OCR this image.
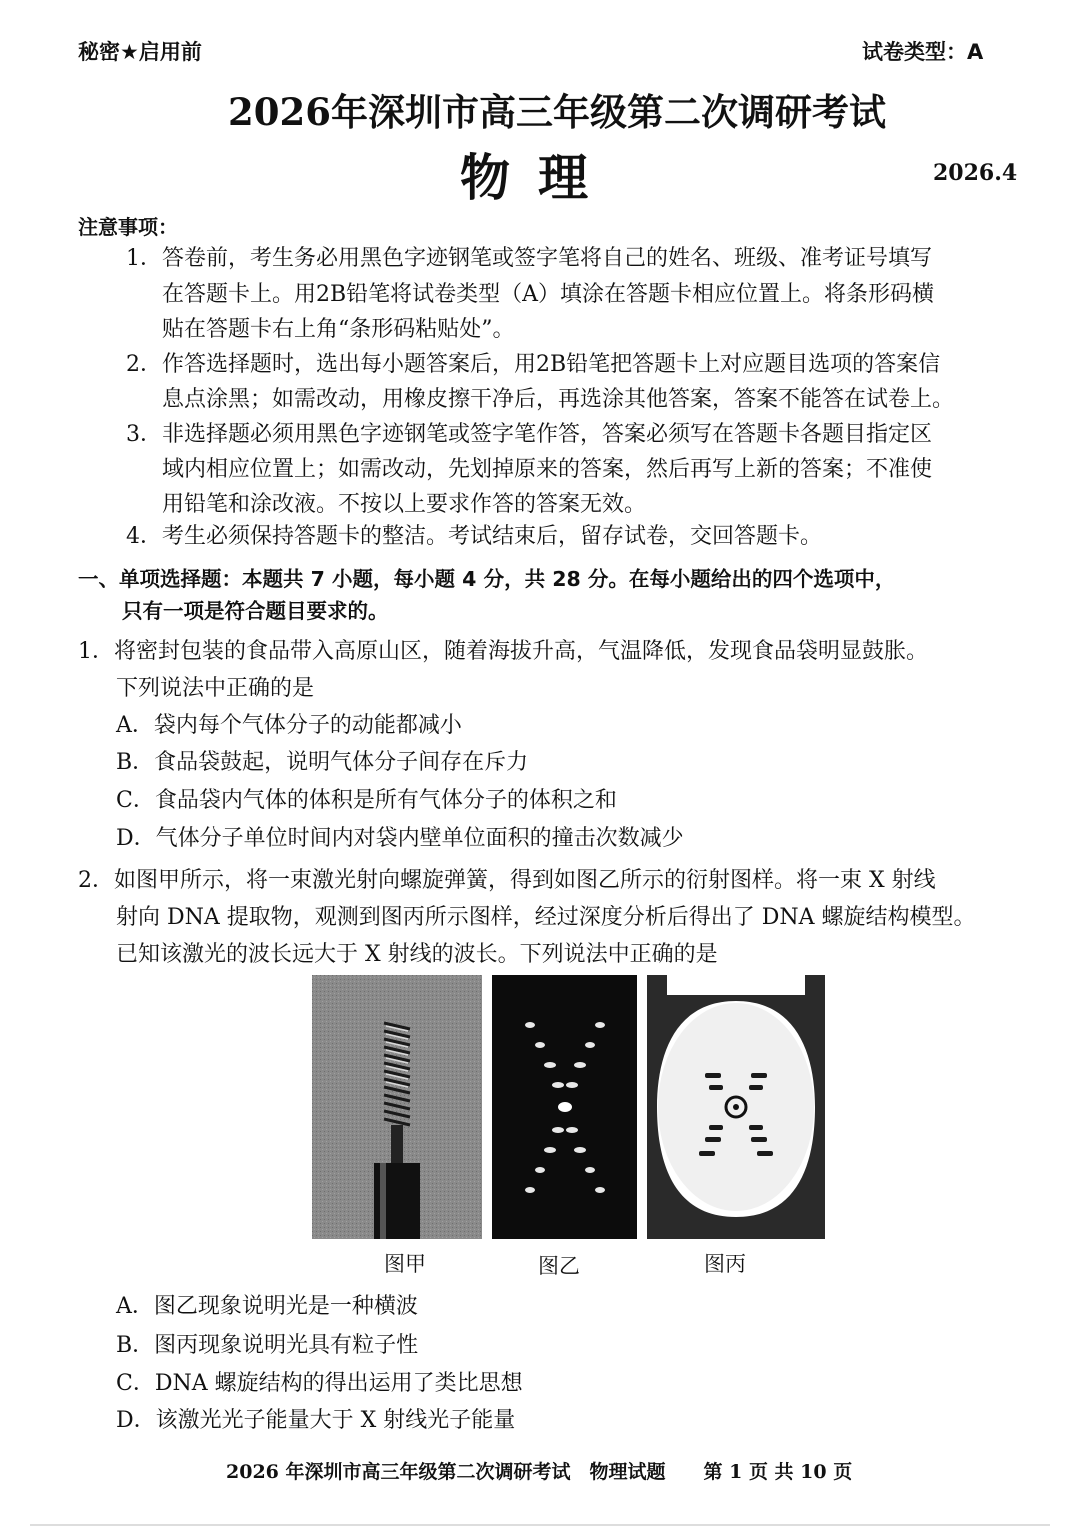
秘密★启用前	试卷类型：A
2026年深圳市高三年级第二次调研考试
物理	2026.4
注意事项：
1．答卷前，考生务必用黑色字迹钢笔或签字笔将自己的姓名、班级、准考证号填写
在答题卡上。用2B铅笔将试卷类型（A）填涂在答题卡相应位置上。将条形码横
贴在答题卡右上角“条形码粘贴处”。
2．作答选择题时，选出每小题答案后，用2B铅笔把答题卡上对应题目选项的答案信
息点涂黑；如需改动，用橡皮擦干净后，再选涂其他答案，答案不能答在试卷上。
3．非选择题必须用黑色字迹钢笔或签字笔作答，答案必须写在答题卡各题目指定区
域内相应位置上；如需改动，先划掉原来的答案，然后再写上新的答案；不准使
用铅笔和涂改液。不按以上要求作答的答案无效。
4．考生必须保持答题卡的整洁。考试结束后，留存试卷，交回答题卡。
一、单项选择题：本题共 7 小题，每小题 4 分，共 28 分。在每小题给出的四个选项中，
只有一项是符合题目要求的。
1．将密封包装的食品带入高原山区，随着海拔升高，气温降低，发现食品袋明显鼓胀。
下列说法中正确的是
A．袋内每个气体分子的动能都减小
B．食品袋鼓起，说明气体分子间存在斥力
C．食品袋内气体的体积是所有气体分子的体积之和
D．气体分子单位时间内对袋内壁单位面积的撞击次数减少
2．如图甲所示，将一束激光射向螺旋弹簧，得到如图乙所示的衍射图样。将一束 X 射线
射向 DNA 提取物，观测到图丙所示图样，经过深度分析后得出了 DNA 螺旋结构模型。
已知该激光的波长远大于 X 射线的波长。下列说法中正确的是
图甲	图乙	图丙
A．图乙现象说明光是一种横波
B．图丙现象说明光具有粒子性
C．DNA 螺旋结构的得出运用了类比思想
D．该激光光子能量大于 X 射线光子能量
2026 年深圳市高三年级第二次调研考试　物理试题　　第 1 页 共 10 页
